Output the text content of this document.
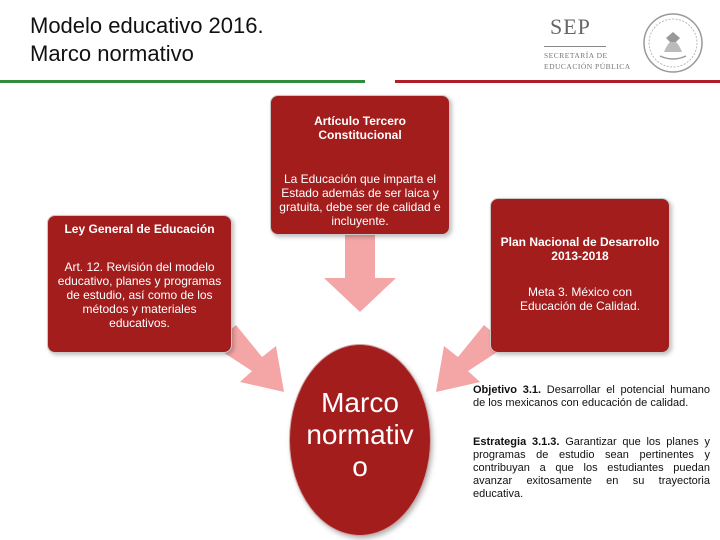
Modelo educativo 2016.
Marco normativo
SEP
SECRETARÍA DE
EDUCACIÓN PÚBLICA
Artículo Tercero Constitucional
La Educación que imparta el Estado además de ser laica y gratuita, debe ser de calidad e incluyente.
Ley General de Educación
Art. 12. Revisión del modelo educativo, planes y programas de estudio, así como de los métodos y materiales educativos.
Plan Nacional de Desarrollo 2013-2018
Meta 3. México con Educación de Calidad.
Marco
normativ
o
Objetivo 3.1. Desarrollar el potencial humano de los mexicanos con educación de calidad.
Estrategia 3.1.3. Garantizar que los planes y programas de estudio sean pertinentes y contribuyan a que los estudiantes puedan avanzar exitosamente en su trayectoria educativa.
